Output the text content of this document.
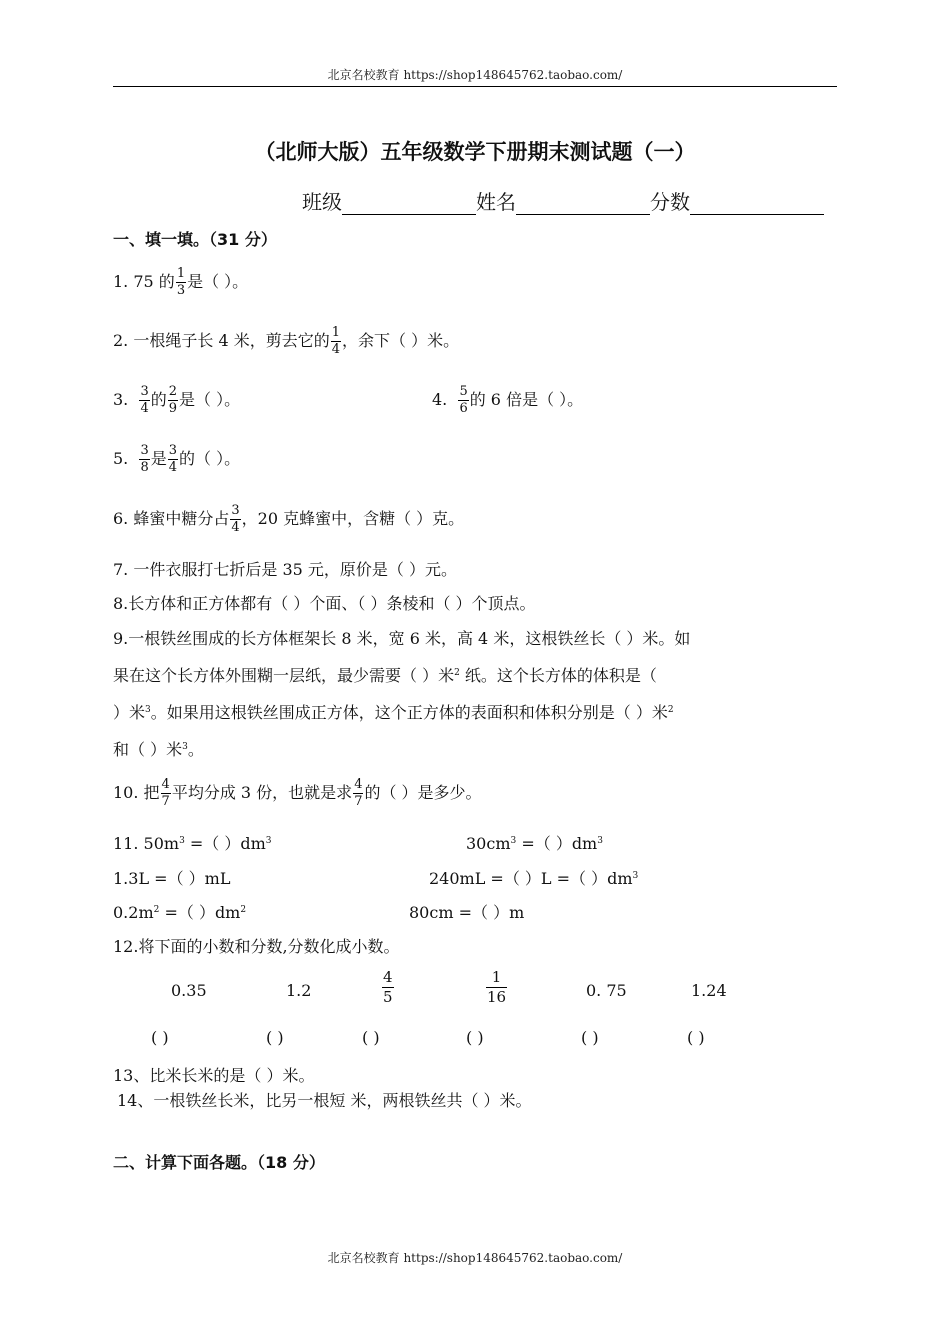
北京名校教育 https://shop148645762.taobao.com/
（北师大版）五年级数学下册期末测试题（一）
班级	姓名	分数
一、填一填。（31 分）
1. 75 的 $\frac{1}{3}$ 是（ ）。
2. 一根绳子长 4 米，剪去它的 $\frac{1}{4}$ ，余下（ ）米。
3. $\frac{3}{4}$ 的 $\frac{2}{9}$ 是（ ）。	4. $\frac{5}{6}$ 的 6 倍是（ ）。
5. $\frac{3}{8}$ 是 $\frac{3}{4}$ 的（ ）。
6. 蜂蜜中糖分占 $\frac{3}{4}$ ，20 克蜂蜜中，含糖（ ）克。
7. 一件衣服打七折后是 35 元，原价是（ ）元。
8.长方体和正方体都有（ ）个面、（ ）条棱和（ ）个顶点。
9.一根铁丝围成的长方体框架长 8 米，宽 6 米，高 4 米，这根铁丝长（ ）米。如
果在这个长方体外围糊一层纸，最少需要（ ）米$^2$ 纸。这个长方体的体积是（
）米$^3$。如果用这根铁丝围成正方体，这个正方体的表面积和体积分别是（ ）米$^2$
和（ ）米$^3$。
10. 把 $\frac{4}{7}$ 平均分成 3 份，也就是求 $\frac{4}{7}$ 的（ ）是多少。
11. $50m^3$ =（ ）$dm^3$	$30cm^3$ =（ ）$dm^3$
1.3L =（ ）mL	240mL =（ ）L =（ ）$dm^3$
$0.2m^2$ =（ ）$dm^2$	80cm =（ ）m
12.将下面的小数和分数,分数化成小数。
0.35	1.2	$\frac{4}{5}$	$\frac{1}{16}$	0. 75	1.24
( )	( )	( )	( )	( )	( )
13、比米长米的是（ ）米。
14、一根铁丝长米，比另一根短 米，两根铁丝共（ ）米。
二、计算下面各题。（18 分）
北京名校教育 https://shop148645762.taobao.com/
